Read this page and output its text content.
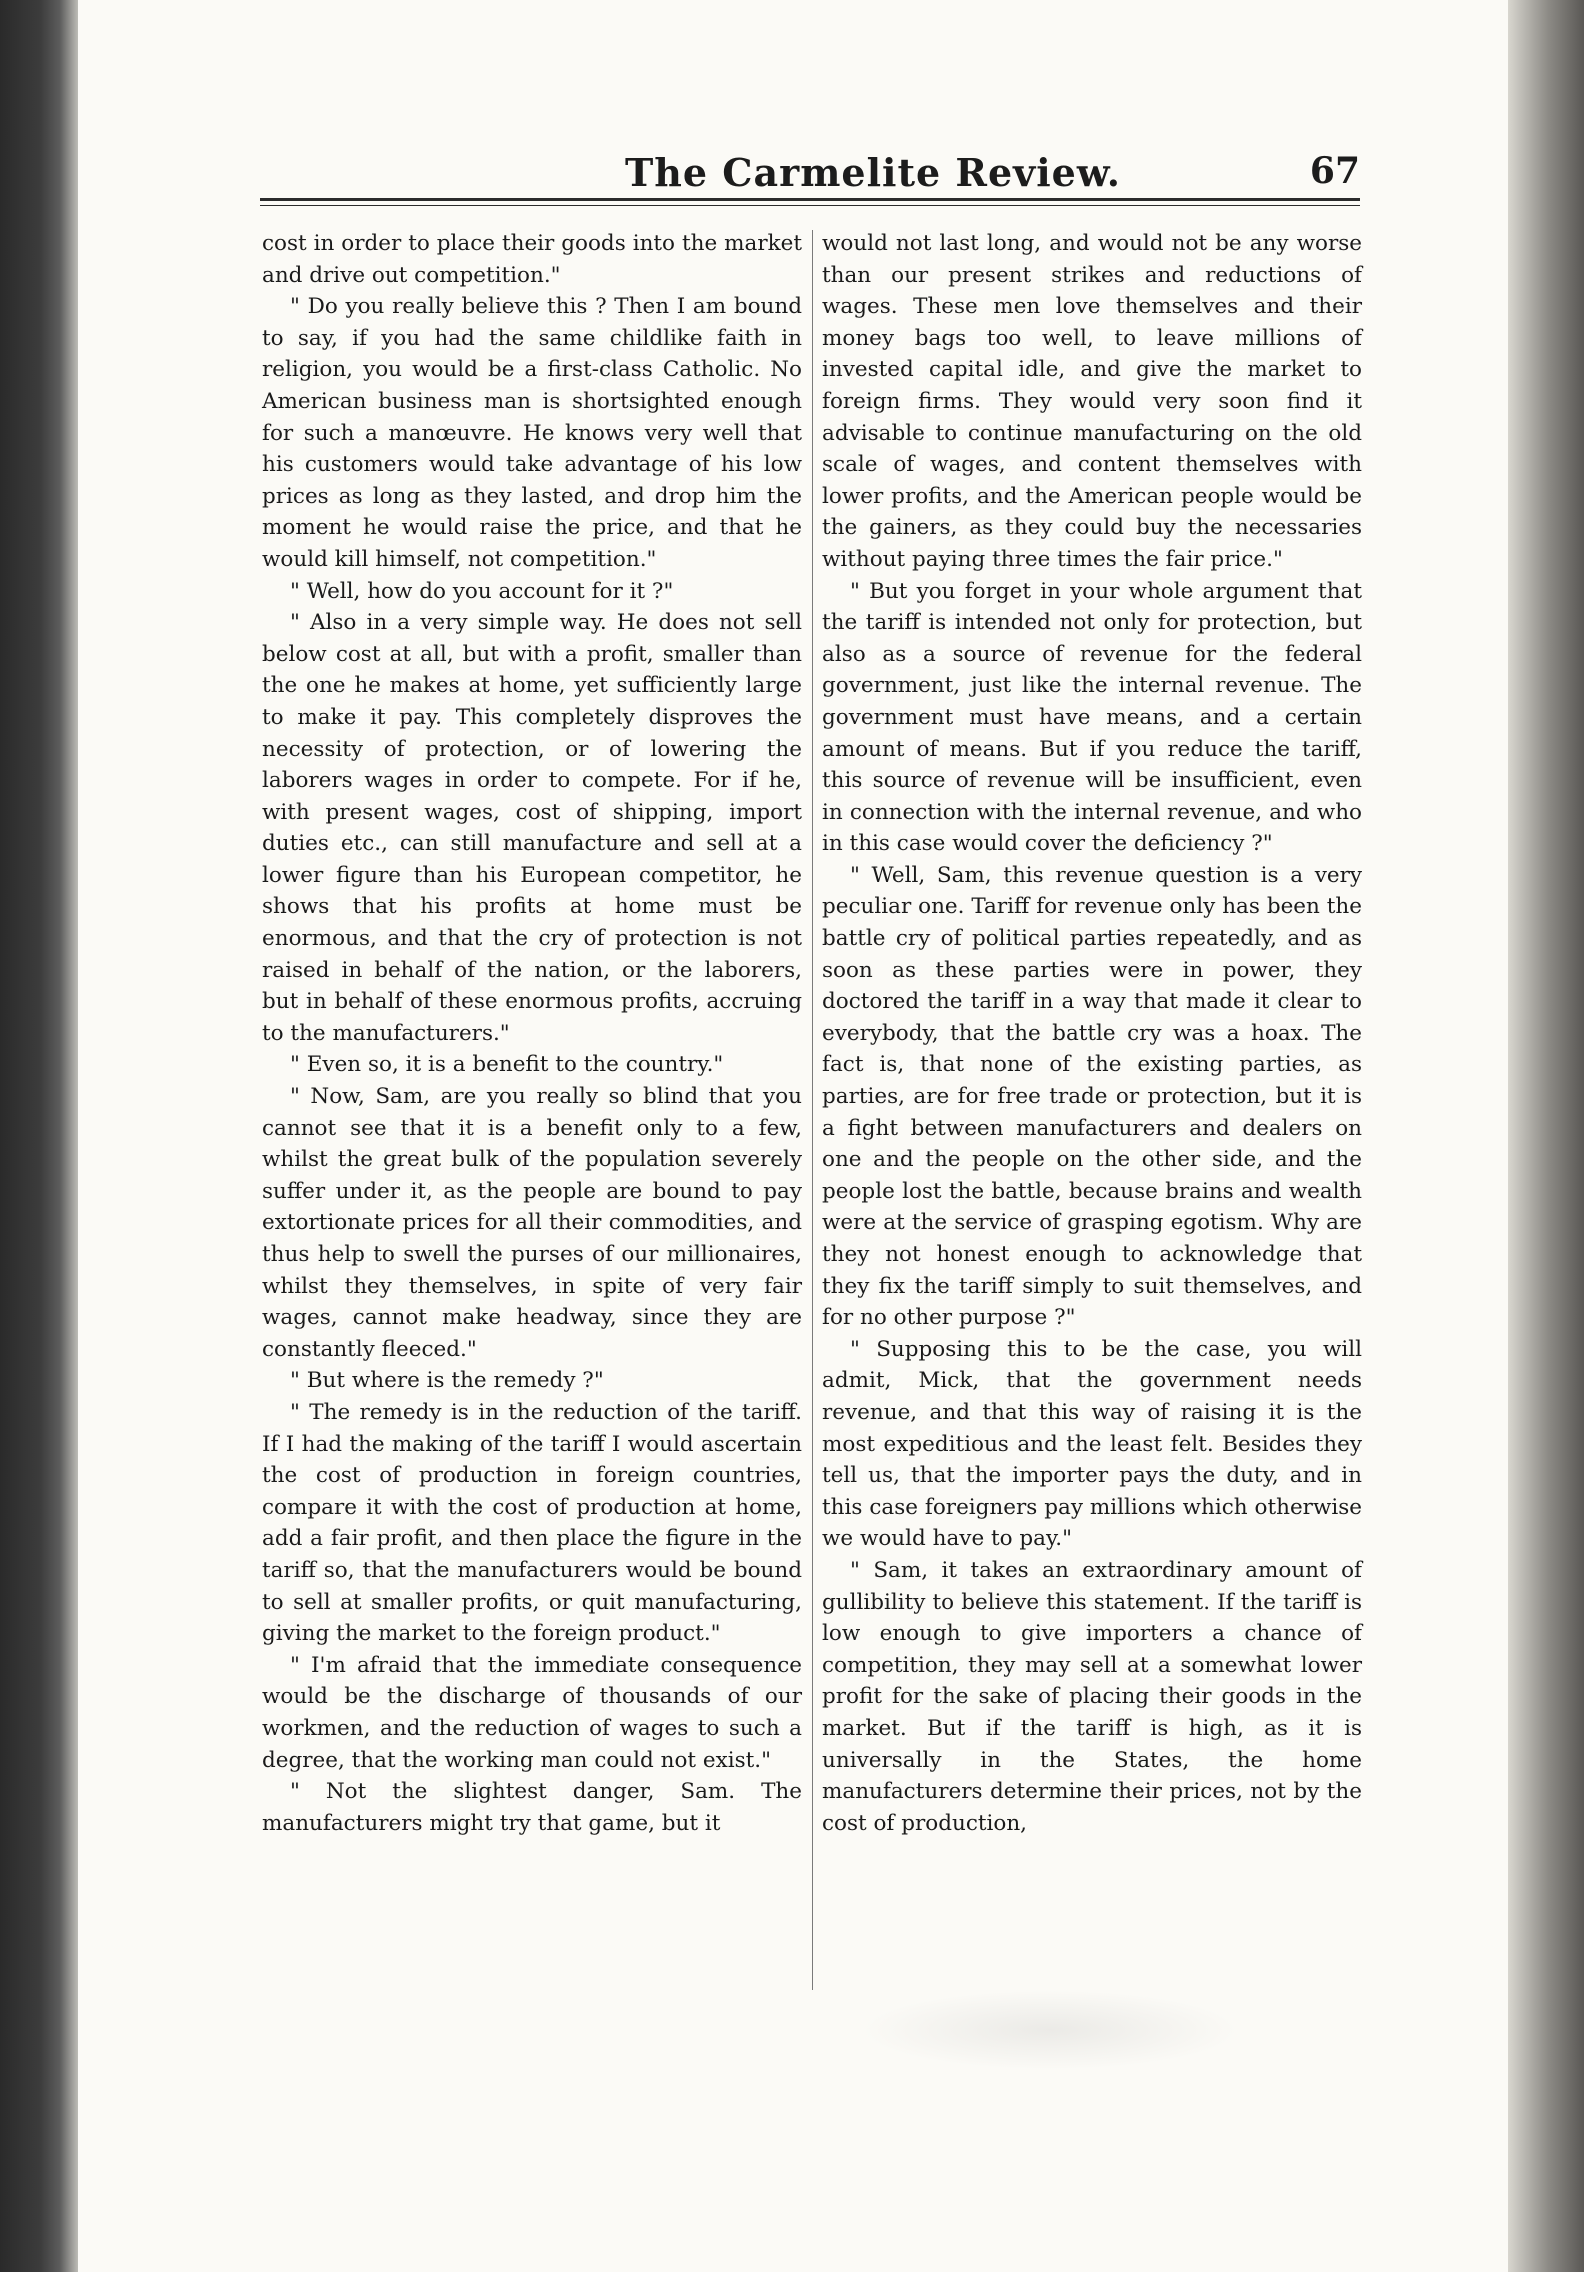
The Carmelite Review.	67

cost in order to place their goods into the market and drive out competition."

" Do you really believe this ? Then I am bound to say, if you had the same childlike faith in religion, you would be a first-class Catholic. No American business man is shortsighted enough for such a manœuvre. He knows very well that his customers would take advantage of his low prices as long as they lasted, and drop him the moment he would raise the price, and that he would kill himself, not competition."

" Well, how do you account for it ?"

" Also in a very simple way. He does not sell below cost at all, but with a profit, smaller than the one he makes at home, yet sufficiently large to make it pay. This completely disproves the necessity of protection, or of lowering the laborers wages in order to compete. For if he, with present wages, cost of shipping, import duties etc., can still manufacture and sell at a lower figure than his European competitor, he shows that his profits at home must be enormous, and that the cry of protection is not raised in behalf of the nation, or the laborers, but in behalf of these enormous profits, accruing to the manufacturers."

" Even so, it is a benefit to the country."

" Now, Sam, are you really so blind that you cannot see that it is a benefit only to a few, whilst the great bulk of the population severely suffer under it, as the people are bound to pay extortionate prices for all their commodities, and thus help to swell the purses of our millionaires, whilst they themselves, in spite of very fair wages, cannot make headway, since they are constantly fleeced."

" But where is the remedy ?"

" The remedy is in the reduction of the tariff. If I had the making of the tariff I would ascertain the cost of production in foreign countries, compare it with the cost of production at home, add a fair profit, and then place the figure in the tariff so, that the manufacturers would be bound to sell at smaller profits, or quit manufacturing, giving the market to the foreign product."

" I'm afraid that the immediate consequence would be the discharge of thousands of our workmen, and the reduction of wages to such a degree, that the working man could not exist."

" Not the slightest danger, Sam. The manufacturers might try that game, but it

would not last long, and would not be any worse than our present strikes and reductions of wages. These men love themselves and their money bags too well, to leave millions of invested capital idle, and give the market to foreign firms. They would very soon find it advisable to continue manufacturing on the old scale of wages, and content themselves with lower profits, and the American people would be the gainers, as they could buy the necessaries without paying three times the fair price."

" But you forget in your whole argument that the tariff is intended not only for protection, but also as a source of revenue for the federal government, just like the internal revenue. The government must have means, and a certain amount of means. But if you reduce the tariff, this source of revenue will be insufficient, even in connection with the internal revenue, and who in this case would cover the deficiency ?"

" Well, Sam, this revenue question is a very peculiar one. Tariff for revenue only has been the battle cry of political parties repeatedly, and as soon as these parties were in power, they doctored the tariff in a way that made it clear to everybody, that the battle cry was a hoax. The fact is, that none of the existing parties, as parties, are for free trade or protection, but it is a fight between manufacturers and dealers on one and the people on the other side, and the people lost the battle, because brains and wealth were at the service of grasping egotism. Why are they not honest enough to acknowledge that they fix the tariff simply to suit themselves, and for no other purpose ?"

" Supposing this to be the case, you will admit, Mick, that the government needs revenue, and that this way of raising it is the most expeditious and the least felt. Besides they tell us, that the importer pays the duty, and in this case foreigners pay millions which otherwise we would have to pay."

" Sam, it takes an extraordinary amount of gullibility to believe this statement. If the tariff is low enough to give importers a chance of competition, they may sell at a somewhat lower profit for the sake of placing their goods in the market. But if the tariff is high, as it is universally in the States, the home manufacturers determine their prices, not by the cost of production,
